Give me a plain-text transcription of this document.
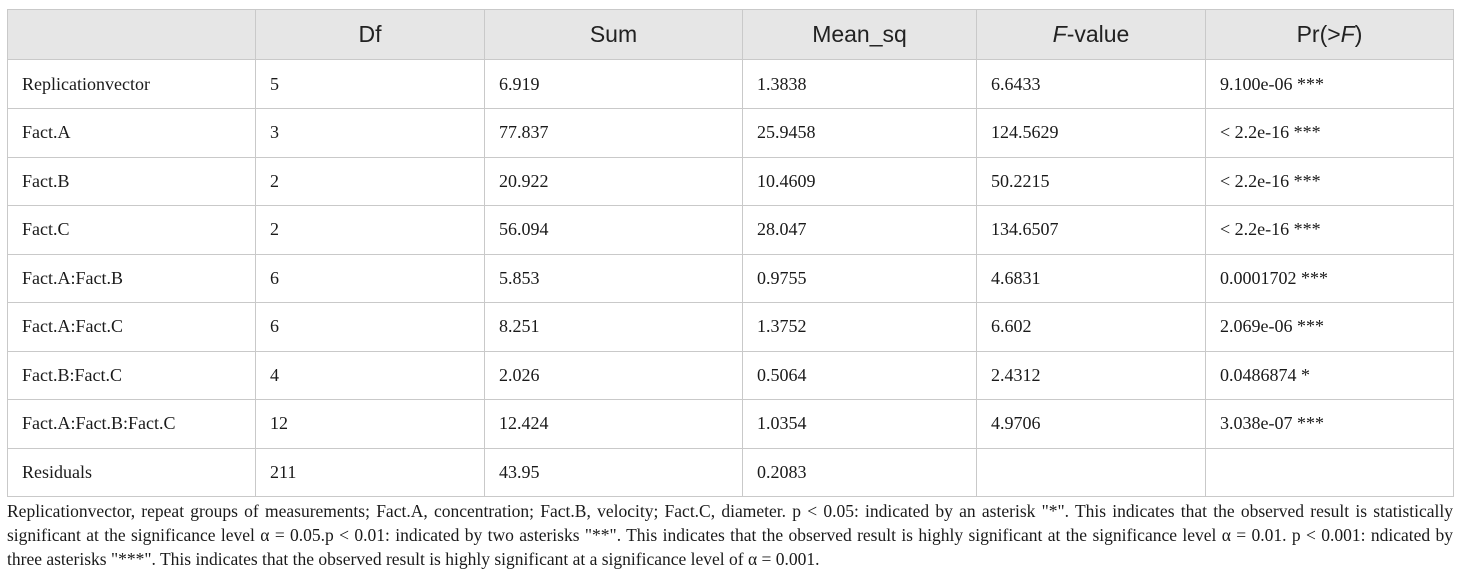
	Df	Sum	Mean_sq	F-value	Pr(>F)
Replicationvector	5	6.919	1.3838	6.6433	9.100e-06 ***
Fact.A	3	77.837	25.9458	124.5629	< 2.2e-16 ***
Fact.B	2	20.922	10.4609	50.2215	< 2.2e-16 ***
Fact.C	2	56.094	28.047	134.6507	< 2.2e-16 ***
Fact.A:Fact.B	6	5.853	0.9755	4.6831	0.0001702 ***
Fact.A:Fact.C	6	8.251	1.3752	6.602	2.069e-06 ***
Fact.B:Fact.C	4	2.026	0.5064	2.4312	0.0486874 *
Fact.A:Fact.B:Fact.C	12	12.424	1.0354	4.9706	3.038e-07 ***
Residuals	211	43.95	0.2083		
Replicationvector, repeat groups of measurements; Fact.A, concentration; Fact.B, velocity; Fact.C, diameter. p < 0.05: indicated by an asterisk "*". This indicates that the observed result is statistically significant at the significance level α = 0.05.p < 0.01: indicated by two asterisks "**". This indicates that the observed result is highly significant at the significance level α = 0.01. p < 0.001: ndicated by three asterisks "***". This indicates that the observed result is highly significant at a significance level of α = 0.001.
